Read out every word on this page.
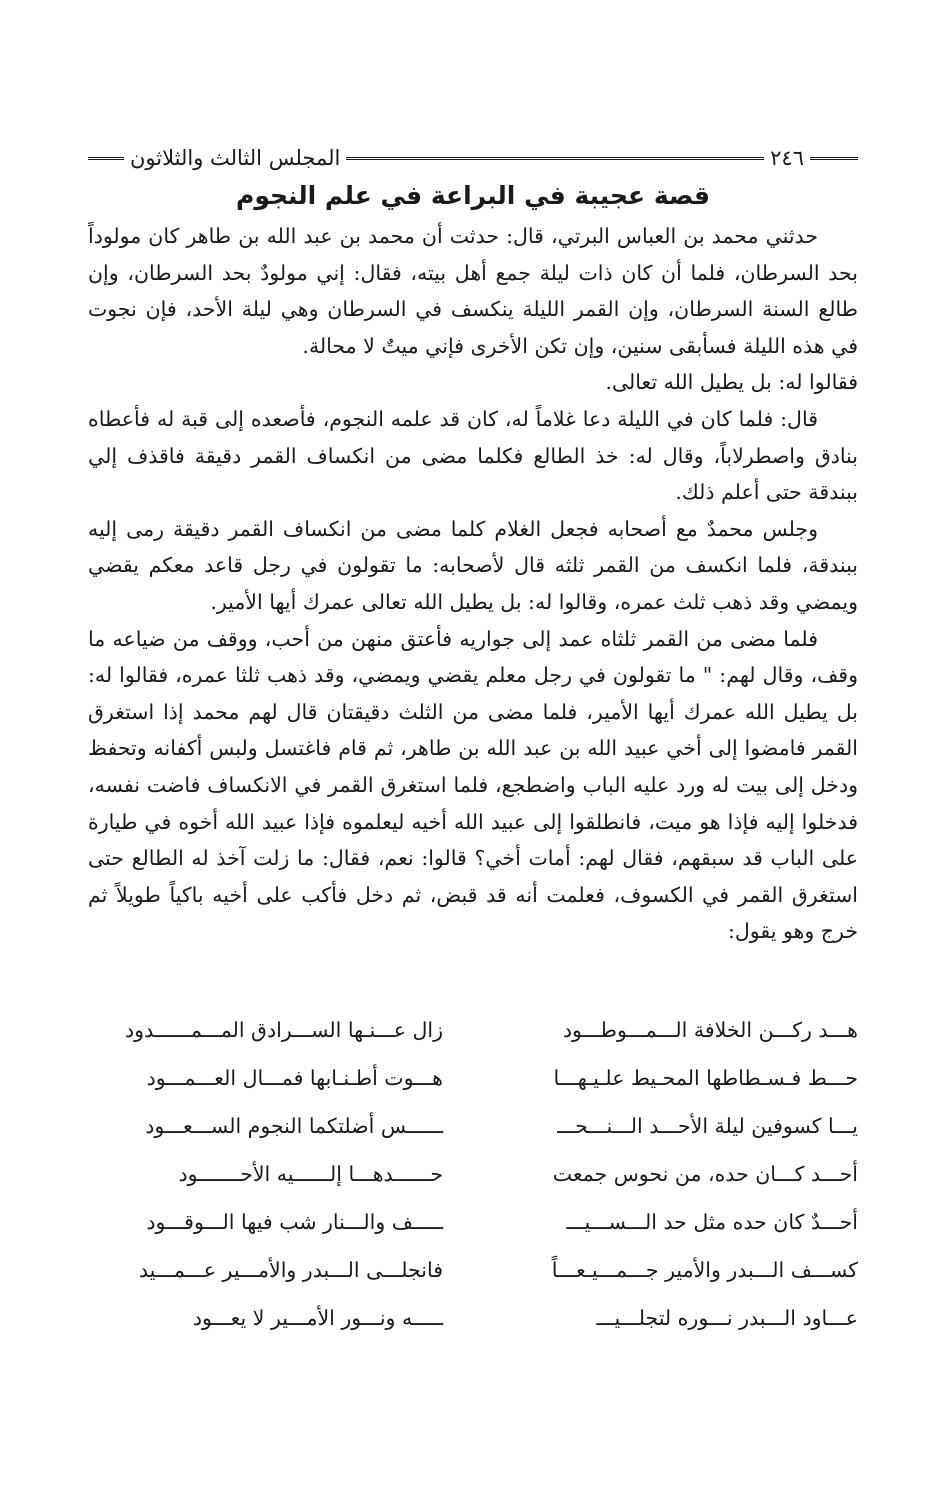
٢٤٦
المجلس الثالث والثلاثون
قصة عجيبة في البراعة في علم النجوم

حدثني محمد بن العباس البرتي، قال: حدثت أن محمد بن عبد الله بن طاهر كان مولوداً بحد السرطان، فلما أن كان ذات ليلة جمع أهل بيته، فقال: إني مولودٌ بحد السرطان، وإن طالع السنة السرطان، وإن القمر الليلة ينكسف في السرطان وهي ليلة الأحد، فإن نجوت في هذه الليلة فسأبقى سنين، وإن تكن الأخرى فإني ميتٌ لا محالة.

فقالوا له: بل يطيل الله تعالى.

قال: فلما كان في الليلة دعا غلاماً له، كان قد علمه النجوم، فأصعده إلى قبة له فأعطاه بنادق واصطرلاباً، وقال له: خذ الطالع فكلما مضى من انكساف القمر دقيقة فاقذف إلي ببندقة حتى أعلم ذلك.

وجلس محمدٌ مع أصحابه فجعل الغلام كلما مضى من انكساف القمر دقيقة رمى إليه ببندقة، فلما انكسف من القمر ثلثه قال لأصحابه: ما تقولون في رجل قاعد معكم يقضي ويمضي وقد ذهب ثلث عمره، وقالوا له: بل يطيل الله تعالى عمرك أيها الأمير.

فلما مضى من القمر ثلثاه عمد إلى جواريه فأعتق منهن من أحب، ووقف من ضياعه ما وقف، وقال لهم: " ما تقولون في رجل معلم يقضي ويمضي، وقد ذهب ثلثا عمره، فقالوا له: بل يطيل الله عمرك أيها الأمير، فلما مضى من الثلث دقيقتان قال لهم محمد إذا استغرق القمر فامضوا إلى أخي عبيد الله بن عبد الله بن طاهر، ثم قام فاغتسل ولبس أكفانه وتحفظ ودخل إلى بيت له ورد عليه الباب واضطجع، فلما استغرق القمر في الانكساف فاضت نفسه، فدخلوا إليه فإذا هو ميت، فانطلقوا إلى عبيد الله أخيه ليعلموه فإذا عبيد الله أخوه في طيارة على الباب قد سبقهم، فقال لهم: أمات أخي؟ قالوا: نعم، فقال: ما زلت آخذ له الطالع حتى استغرق القمر في الكسوف، فعلمت أنه قد قبض، ثم دخل فأكب على أخيه باكياً طويلاً ثم خرج وهو يقول:

هـــد ركـــن الخلافة الـــمـــوطـــود
زال عـــنـها الســـرادق المـــمــــــدود
حـــط فـسـطاطها المحـيط علـيـهـــا
هـــوت أطـنـابها فمـــال العـــمـــود
يـــا كسوفين ليلة الأحـــد الـــنـــحـــ
ــــــس أضلتكما النجوم الســـعـــود
أحـــد كـــان حده، من نحوس جمعت
حــــــدهـــا إلــــــيه الأحـــــــود
أحـــدٌ كان حده مثل حد الـــســـيـــ
ـــــف والـــنار شب فيها الـــوقـــود
كســـف الـــبدر والأمير جـــمـــيـعـــاً
فانجلـــى الـــبدر والأمـــير عـــمـــيد
عـــاود الـــبدر نـــوره لتجلـــيـــ
ـــــه ونـــور الأمـــير لا يعـــود
